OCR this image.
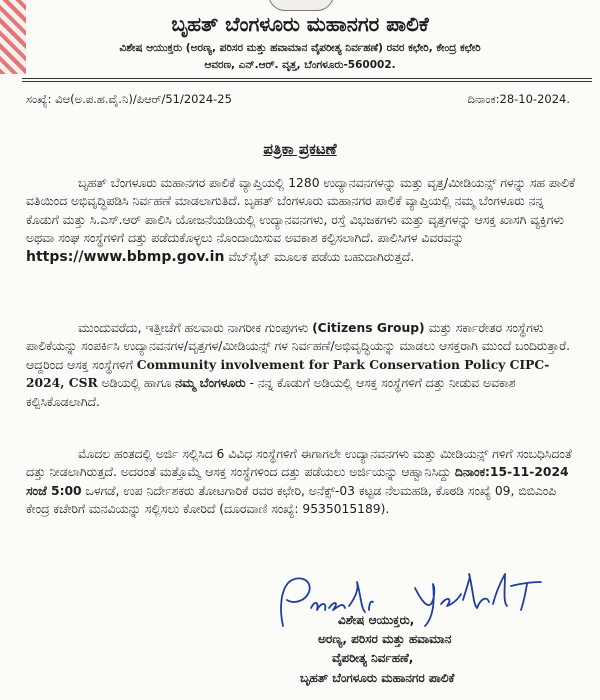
ಬೃಹತ್ ಬೆಂಗಳೂರು ಮಹಾನಗರ ಪಾಲಿಕೆ
ವಿಶೇಷ ಆಯುಕ್ತರು (ಅರಣ್ಯ, ಪರಿಸರ ಮತ್ತು ಹವಾಮಾನ ವೈಪರೀತ್ಯ ನಿರ್ವಹಣೆ) ರವರ ಕಛೇರಿ, ಕೇಂದ್ರ ಕಛೇರಿ
ಆವರಣ, ಎನ್.ಆರ್. ವೃತ್ತ, ಬೆಂಗಳೂರು-560002.
ಸಂಖ್ಯೆ: ವಿಆ(ಅ.ಪ.ಹ.ವೈ.ನಿ)/ಪಿಆರ್/51/2024-25	ದಿನಾಂಕ:28-10-2024.
ಪತ್ರಿಕಾ ಪ್ರಕಟಣೆ
ಬೃಹತ್ ಬೆಂಗಳೂರು ಮಹಾನಗರ ಪಾಲಿಕೆ ವ್ಯಾಪ್ತಿಯಲ್ಲಿ 1280 ಉದ್ಯಾನವನಗಳನ್ನು ಮತ್ತು ವೃತ್ತ/ಮೀಡಿಯನ್ಸ್ ಗಳನ್ನು ಸಹ ಪಾಲಿಕೆ ವತಿಯಿಂದ ಅಭಿವೃದ್ಧಿಪಡಿಸಿ ನಿರ್ವಹಣೆ ಮಾಡಲಾಗುತಿದೆ. ಬೃಹತ್ ಬೆಂಗಳೂರು ಮಹಾನಗರ ಪಾಲಿಕೆ ವ್ಯಾಪ್ತಿಯಲ್ಲಿ ನಮ್ಮ ಬೆಂಗಳೂರು ನನ್ನ ಕೊಡುಗೆ ಮತ್ತು ಸಿ.ಎಸ್.ಆರ್ ಪಾಲಿಸಿ ಯೋಜನೆಯಡಿಯಲ್ಲಿ ಉದ್ಯಾನವನಗಳು, ರಸ್ತೆ ವಿಭಜಕಗಳು ಮತ್ತು ವೃತ್ತಗಳನ್ನು ಆಸಕ್ತ ಖಾಸಗಿ ವ್ಯಕ್ತಿಗಳು ಅಥವಾ ಸಂಘ ಸಂಸ್ಥೆಗಳಿಗೆ ದತ್ತು ಪಡೆದುಕೊಳ್ಳಲು ನೊಂದಾಯಿಸುವ ಅವಕಾಶ ಕಲ್ಪಿಸಲಾಗಿದೆ. ಪಾಲಿಸಿಗಳ ವಿವರವನ್ನು https://www.bbmp.gov.in ವೆಬ್‌ಸೈಟ್ ಮೂಲಕ ಪಡೆಯ ಬಹುದಾಗಿರುತ್ತದೆ.
ಮುಂದುವರೆದು, ಇತ್ತೀಚೆಗೆ ಹಲವಾರು ನಾಗರೀಕ ಗುಂಪುಗಳು (Citizens Group) ಮತ್ತು ಸರ್ಕಾರೇತರ ಸಂಸ್ಥೆಗಳು ಪಾಲಿಕೆಯನ್ನು ಸಂಪರ್ಕಿಸಿ ಉದ್ಯಾನವನಗಳ/ವೃತ್ತಗಳ/ಮೀಡಿಯನ್ಸ್ ಗಳ ನಿರ್ವಹಣೆ/ಅಭಿವೃದ್ಧಿಯನ್ನು ಮಾಡಲು ಆಸಕ್ತರಾಗಿ ಮುಂದೆ ಬಂದಿರುತ್ತಾರೆ. ಆದ್ದರಿಂದ ಆಸಕ್ತ ಸಂಸ್ಥೆಗಳಿಗೆ Community involvement for Park Conservation Policy CIPC-2024, CSR ಅಡಿಯಲ್ಲಿ ಹಾಗೂ ನಮ್ಮ ಬೆಂಗಳೂರು - ನನ್ನ ಕೊಡುಗೆ ಅಡಿಯಲ್ಲಿ ಆಸಕ್ತ ಸಂಸ್ಥೆಗಳಿಗೆ ದತ್ತು ನೀಡುವ ಅವಕಾಶ ಕಲ್ಪಿಸಿಕೊಡಲಾಗಿದೆ.
ಮೊದಲ ಹಂತದಲ್ಲಿ ಅರ್ಜಿ ಸಲ್ಲಿಸಿದ 6 ವಿವಿಧ ಸಂಸ್ಥೆಗಳಿಗೆ ಈಗಾಗಲೇ ಉದ್ಯಾನವನಗಳು ಮತ್ತು ಮೀಡಿಯನ್ಸ್ ಗಳಿಗೆ ಸಂಬಧಿಸಿದಂತೆ ದತ್ತು ನೀಡಲಾಗಿರುತ್ತದೆ. ಅದರಂತೆ ಮತ್ತೊಮ್ಮೆ ಆಸಕ್ತ ಸಂಸ್ಥೆಗಳಿಂದ ದತ್ತು ಪಡೆಯಲು ಅರ್ಜಿಯನ್ನು ಆಹ್ವಾನಿಸಿದ್ದು ದಿನಾಂಕ:15-11-2024 ಸಂಜೆ 5:00 ಒಳಗಡೆ, ಉಪ ನಿರ್ದೇಶಕರು ತೋಟಗಾರಿಕೆ ರವರ ಕಛೇರಿ, ಅನೆಕ್ಸ್-03 ಕಟ್ಟಡ ನೆಲಮಹಡಿ, ಕೊಠಡಿ ಸಂಖ್ಯೆ 09, ಬಿಬಿಎಂಪಿ ಕೇಂದ್ರ ಕಚೇರಿಗೆ ಮನವಿಯನ್ನು ಸಲ್ಲಿಸಲು ಕೋರಿದೆ (ದೂರವಾಣಿ ಸಂಖ್ಯೆ: 9535015189).
ವಿಶೇಷ ಆಯುಕ್ತರು,
ಅರಣ್ಯ, ಪರಿಸರ ಮತ್ತು ಹವಾಮಾನ
ವೈಪರೀತ್ಯ ನಿರ್ವಹಣೆ,
ಬೃಹತ್ ಬೆಂಗಳೂರು ಮಹಾನಗರ ಪಾಲಿಕೆ
